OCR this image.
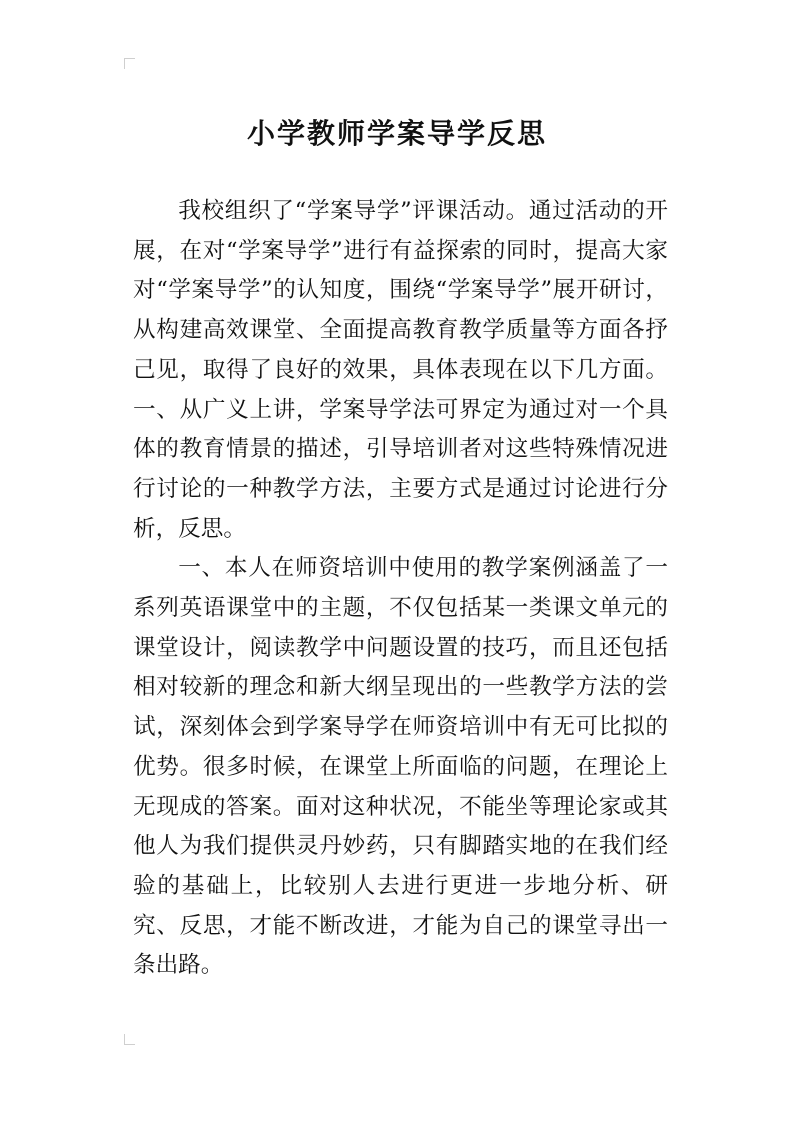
小学教师学案导学反思

我校组织了“学案导学”评课活动。通过活动的开展，在对“学案导学”进行有益探索的同时，提高大家对“学案导学”的认知度，围绕“学案导学”展开研讨，从构建高效课堂、全面提高教育教学质量等方面各抒己见，取得了良好的效果，具体表现在以下几方面。一、从广义上讲，学案导学法可界定为通过对一个具体的教育情景的描述，引导培训者对这些特殊情况进行讨论的一种教学方法，主要方式是通过讨论进行分析，反思。

一、本人在师资培训中使用的教学案例涵盖了一系列英语课堂中的主题，不仅包括某一类课文单元的课堂设计，阅读教学中问题设置的技巧，而且还包括相对较新的理念和新大纲呈现出的一些教学方法的尝试，深刻体会到学案导学在师资培训中有无可比拟的优势。很多时候，在课堂上所面临的问题，在理论上无现成的答案。面对这种状况，不能坐等理论家或其他人为我们提供灵丹妙药，只有脚踏实地的在我们经验的基础上，比较别人去进行更进一步地分析、研究、反思，才能不断改进，才能为自己的课堂寻出一条出路。
